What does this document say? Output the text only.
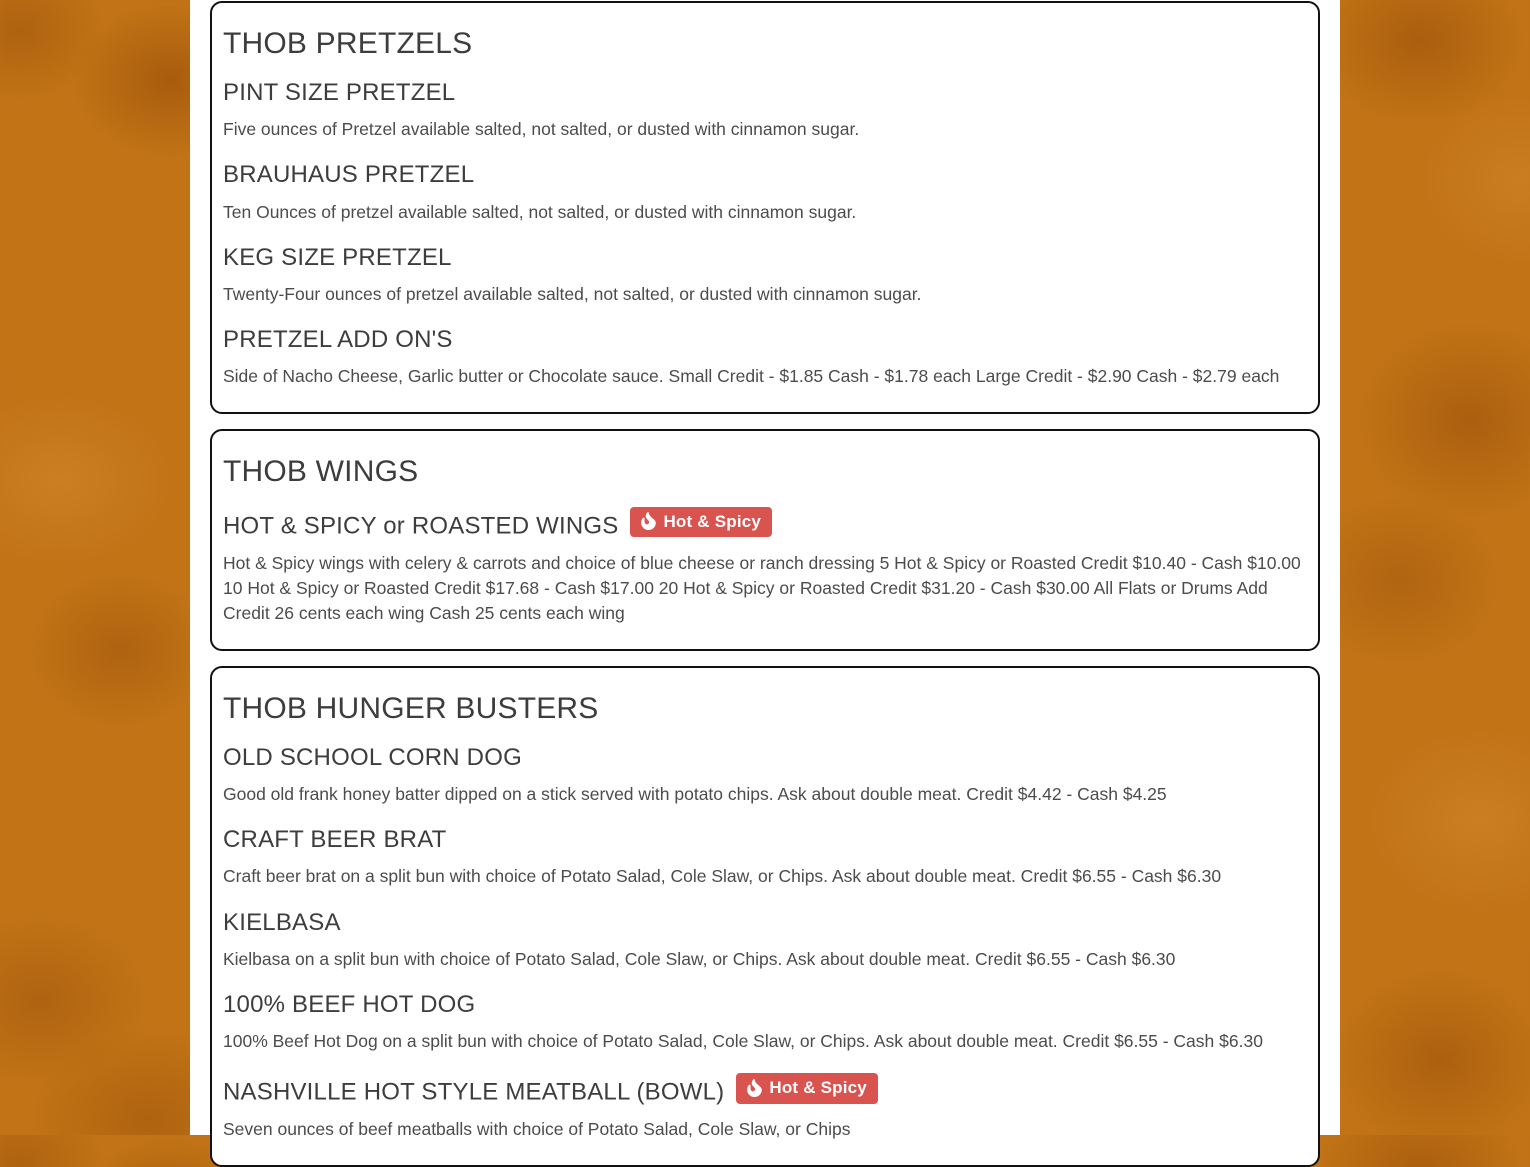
THOB PRETZELS
PINT SIZE PRETZEL

Five ounces of Pretzel available salted, not salted, or dusted with cinnamon sugar.

BRAUHAUS PRETZEL

Ten Ounces of pretzel available salted, not salted, or dusted with cinnamon sugar.

KEG SIZE PRETZEL

Twenty-Four ounces of pretzel available salted, not salted, or dusted with cinnamon sugar.

PRETZEL ADD ON'S

Side of Nacho Cheese, Garlic butter or Chocolate sauce. Small Credit - $1.85 Cash - $1.78 each Large Credit - $2.90 Cash - $2.79 each

THOB WINGS
HOT & SPICY or ROASTED WINGS	Hot & Spicy

Hot & Spicy wings with celery & carrots and choice of blue cheese or ranch dressing 5 Hot & Spicy or Roasted Credit $10.40 - Cash $10.00 10 Hot & Spicy or Roasted Credit $17.68 - Cash $17.00 20 Hot & Spicy or Roasted Credit $31.20 - Cash $30.00 All Flats or Drums Add Credit 26 cents each wing Cash 25 cents each wing

THOB HUNGER BUSTERS
OLD SCHOOL CORN DOG

Good old frank honey batter dipped on a stick served with potato chips. Ask about double meat. Credit $4.42 - Cash $4.25

CRAFT BEER BRAT

Craft beer brat on a split bun with choice of Potato Salad, Cole Slaw, or Chips. Ask about double meat. Credit $6.55 - Cash $6.30

KIELBASA

Kielbasa on a split bun with choice of Potato Salad, Cole Slaw, or Chips. Ask about double meat. Credit $6.55 - Cash $6.30

100% BEEF HOT DOG

100% Beef Hot Dog on a split bun with choice of Potato Salad, Cole Slaw, or Chips. Ask about double meat. Credit $6.55 - Cash $6.30

NASHVILLE HOT STYLE MEATBALL (BOWL)	Hot & Spicy

Seven ounces of beef meatballs with choice of Potato Salad, Cole Slaw, or Chips
